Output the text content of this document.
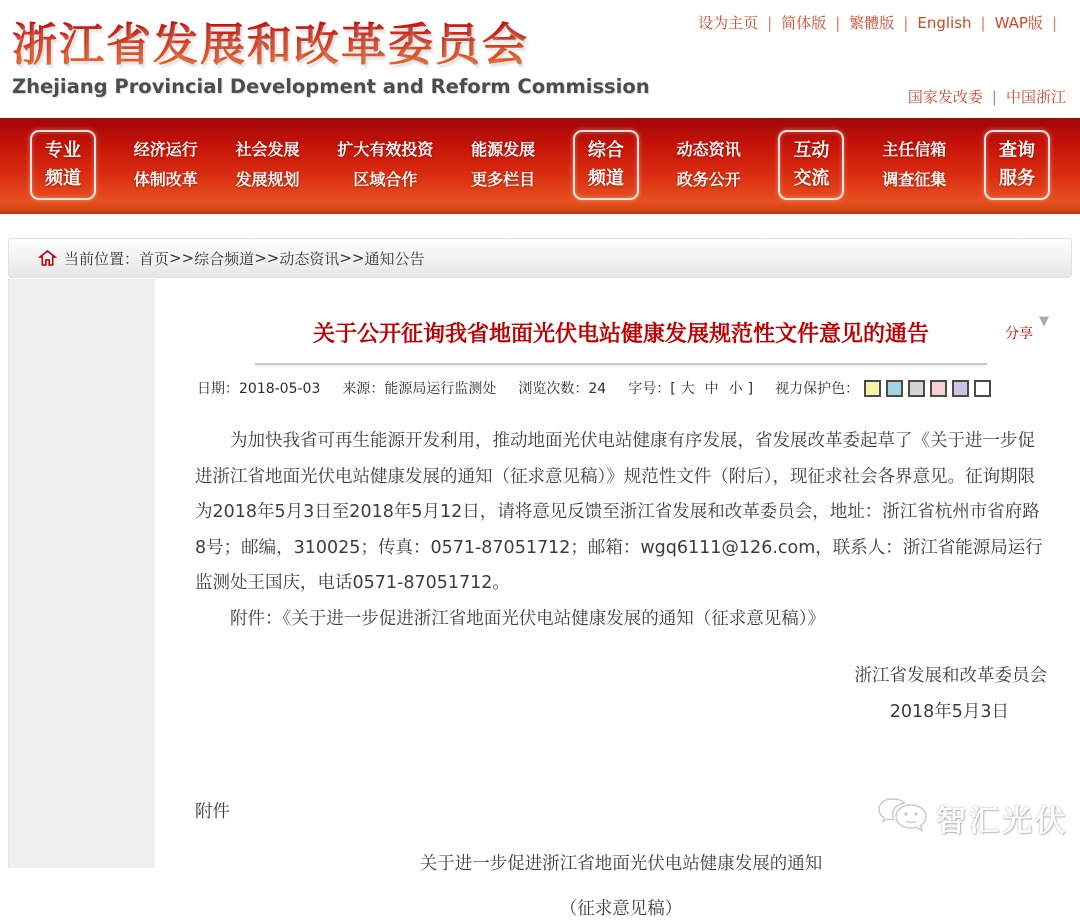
浙江省发展和改革委员会
Zhejiang Provincial Development and Reform Commission
设为主页 | 简体版 | 繁體版 | English | WAP版 |
国家发改委 | 中国浙江
专业
频道
经济运行
体制改革
社会发展
发展规划
扩大有效投资
区域合作
能源发展
更多栏目
综合
频道
动态资讯
政务公开
互动
交流
主任信箱
调查征集
查询
服务
当前位置： 首页 >> 综合频道 >> 动态资讯 >> 通知公告
关于公开征询我省地面光伏电站健康发展规范性文件意见的通告	分享
▼
日期：2018-05-03 来源：能源局运行监测处 浏览次数：24 字号：[ 大 中 小 ] 视力保护色：

为加快我省可再生能源开发利用，推动地面光伏电站健康有序发展，省发展改革委起草了《关于进一步促进浙江省地面光伏电站健康发展的通知（征求意见稿）》规范性文件（附后），现征求社会各界意见。征询期限为2018年5月3日至2018年5月12日，请将意见反馈至浙江省发展和改革委员会，地址：浙江省杭州市省府路8号；邮编，310025；传真：0571-87051712；邮箱：wgq6111@126.com，联系人：浙江省能源局运行监测处王国庆，电话0571-87051712。

附件：《关于进一步促进浙江省地面光伏电站健康发展的通知（征求意见稿）》

浙江省发展和改革委员会
2018年5月3日
附件
关于进一步促进浙江省地面光伏电站健康发展的通知
（征求意见稿）
智汇光伏
